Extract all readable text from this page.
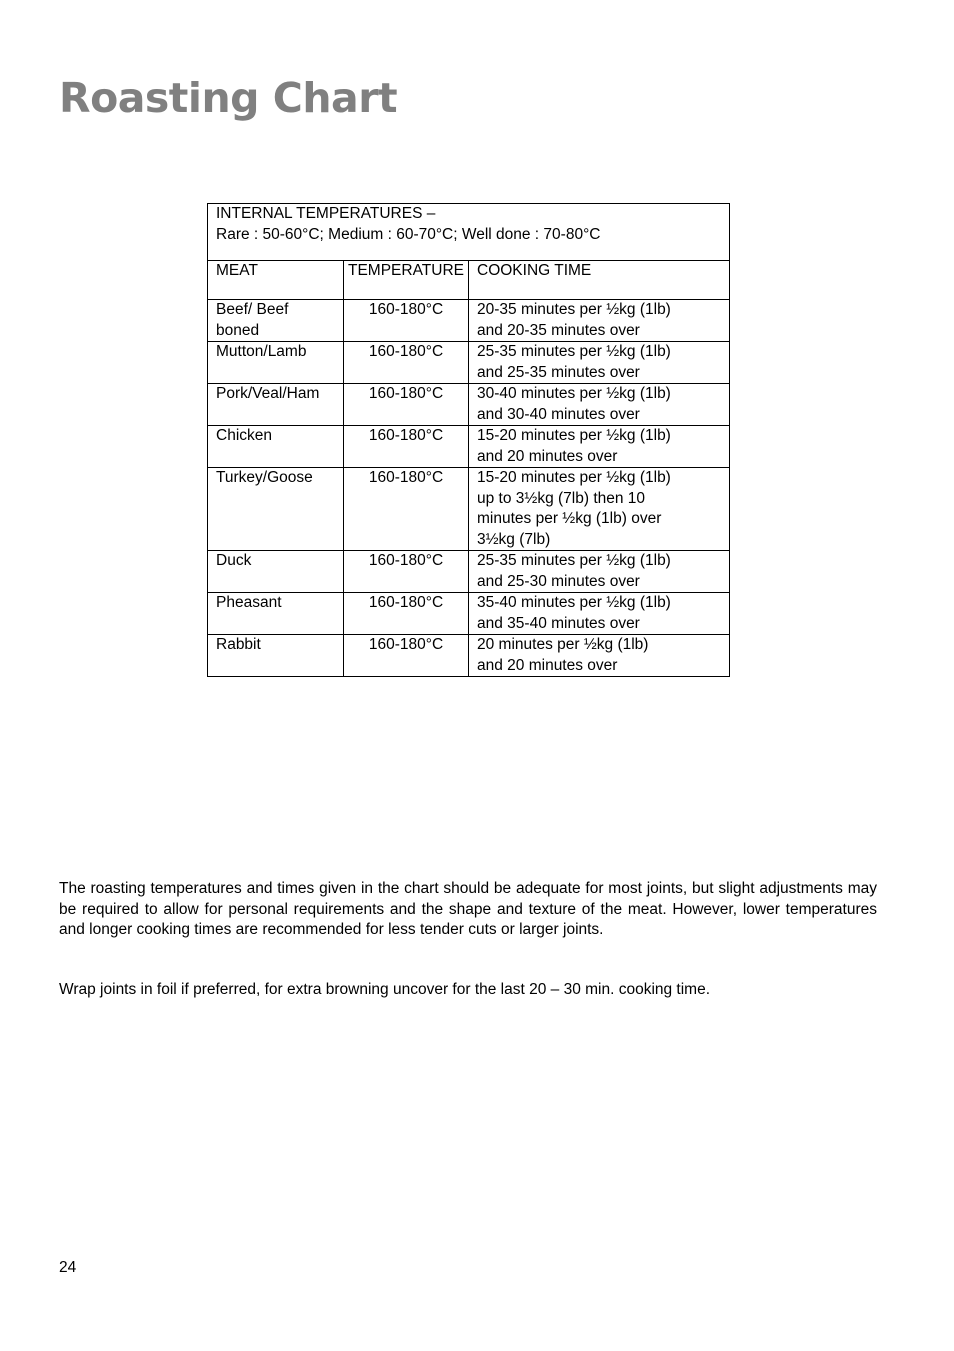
Roasting Chart
INTERNAL TEMPERATURES –
Rare : 50-60°C; Medium : 60-70°C; Well done : 70-80°C		

MEAT	TEMPERATURE	COOKING TIME
Beef/ Beef boned	160-180°C	20-35 minutes per ½kg (1lb)
and 20-35 minutes over

Mutton/Lamb	160-180°C	25-35 minutes per ½kg (1lb)
and 25-35 minutes over

Pork/Veal/Ham	160-180°C	30-40 minutes per ½kg (1lb)
and 30-40 minutes over

Chicken	160-180°C	15-20 minutes per ½kg (1lb)
and 20 minutes over

Turkey/Goose	160-180°C	15-20 minutes per ½kg (1lb)
up to 3½kg (7lb) then 10
minutes per ½kg (1lb) over
3½kg (7lb)

Duck	160-180°C	25-35 minutes per ½kg (1lb)
and 25-30 minutes over

Pheasant	160-180°C	35-40 minutes per ½kg (1lb)
and 35-40 minutes over

Rabbit	160-180°C	20 minutes per ½kg (1lb)
and 20 minutes over

The roasting temperatures and times given in the chart should be adequate for most joints, but slight adjustments may be required to allow for personal requirements and the shape and texture of the meat. However, lower temperatures and longer cooking times are recommended for less tender cuts or larger joints.

Wrap joints in foil if preferred, for extra browning uncover for the last 20 – 30 min. cooking time.

24
